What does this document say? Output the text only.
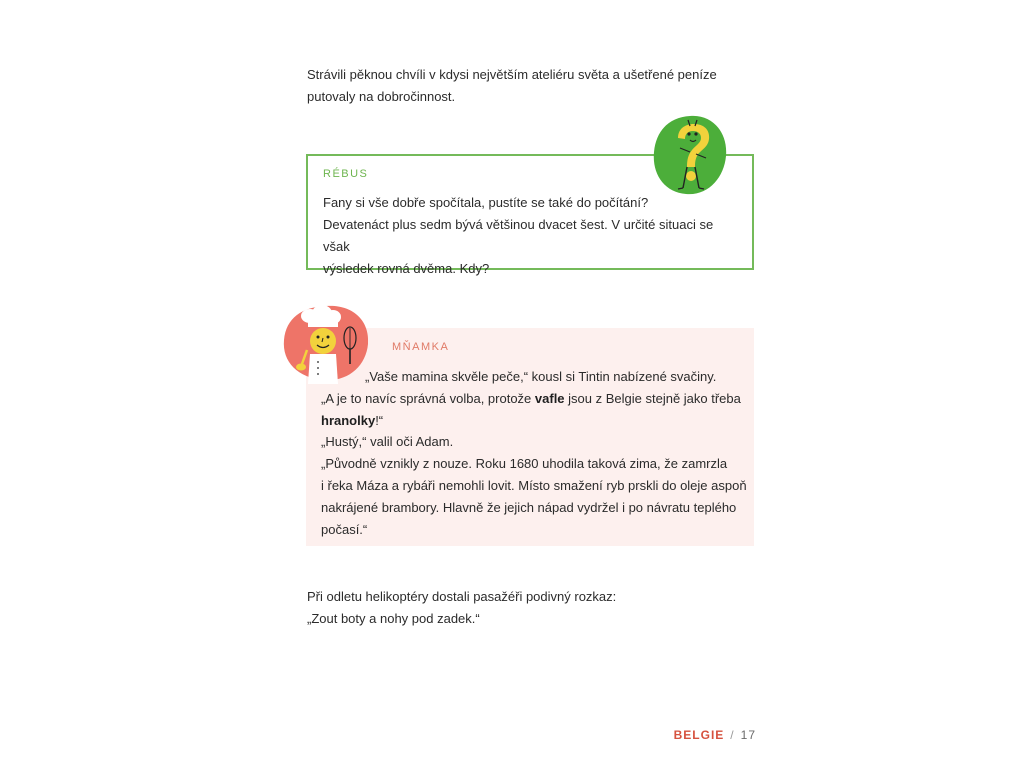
Strávili pěknou chvíli v kdysi největším ateliéru světa a ušetřené peníze

putovaly na dobročinnost.

RÉBUS

Fany si vše dobře spočítala, pustíte se také do počítání?

Devatenáct plus sedm bývá většinou dvacet šest. V určité situaci se však

výsledek rovná dvěma. Kdy?

MŇAMKA

„Vaše mamina skvěle peče,“ kousl si Tintin nabízené svačiny.

„A je to navíc správná volba, protože vafle jsou z Belgie stejně jako třeba

hranolky!“

„Hustý,“ valil oči Adam.

„Původně vznikly z nouze. Roku 1680 uhodila taková zima, že zamrzla

i řeka Máza a rybáři nemohli lovit. Místo smažení ryb prskli do oleje aspoň

nakrájené brambory. Hlavně že jejich nápad vydržel i po návratu teplého

počasí.“

Při odletu helikoptéry dostali pasažéři podivný rozkaz:

„Zout boty a nohy pod zadek.“

BELGIE / 17
